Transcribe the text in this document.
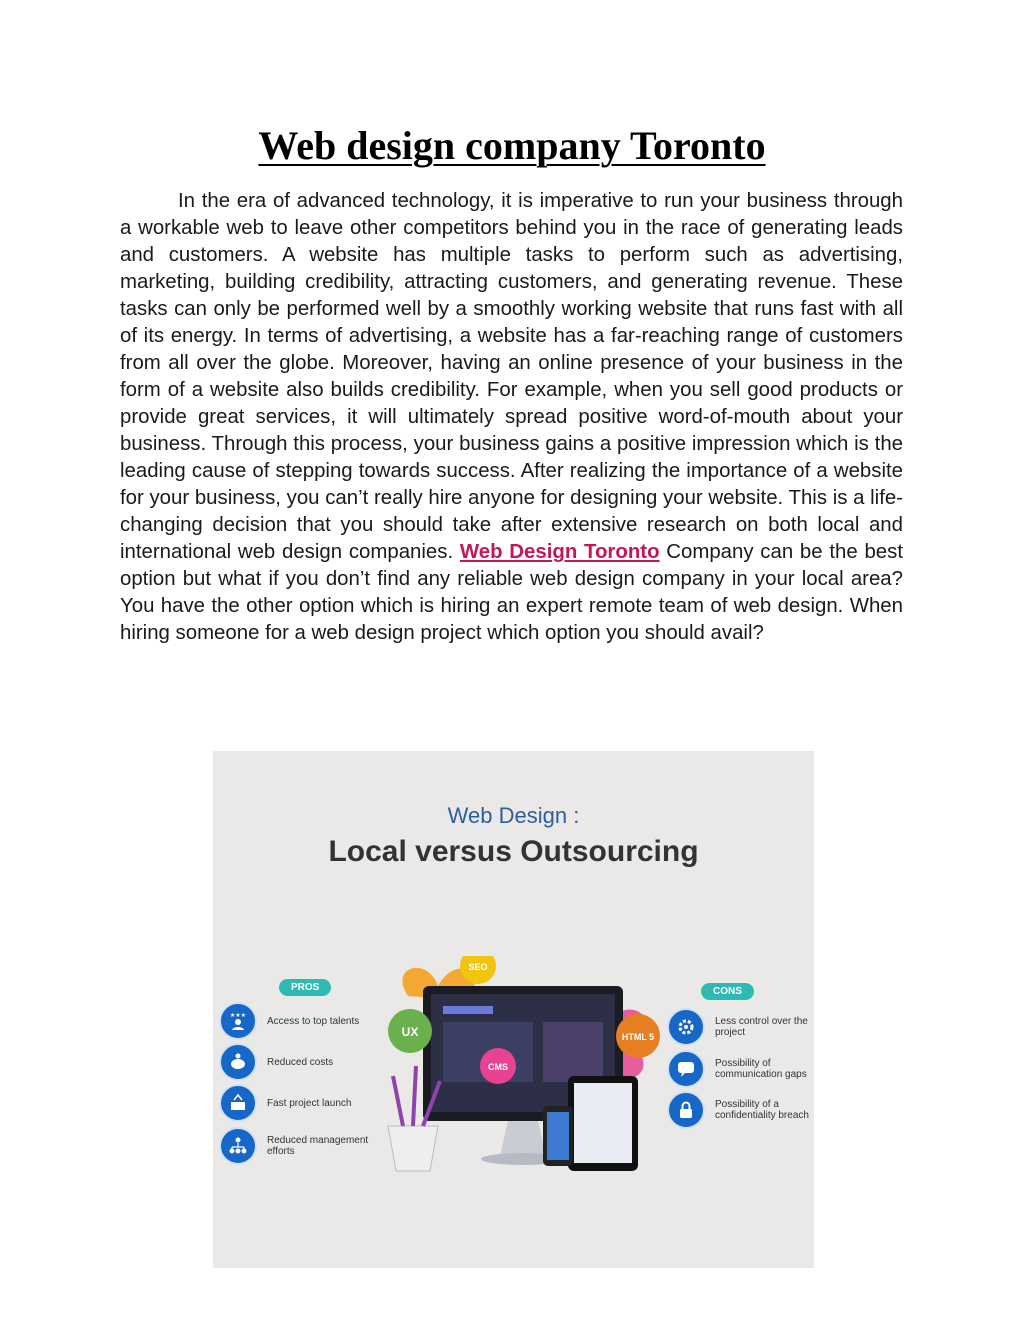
Web design company Toronto

In the era of advanced technology, it is imperative to run your business through a workable web to leave other competitors behind you in the race of generating leads and customers. A website has multiple tasks to perform such as advertising, marketing, building credibility, attracting customers, and generating revenue. These tasks can only be performed well by a smoothly working website that runs fast with all of its energy. In terms of advertising, a website has a far-reaching range of customers from all over the globe. Moreover, having an online presence of your business in the form of a website also builds credibility. For example, when you sell good products or provide great services, it will ultimately spread positive word-of-mouth about your business. Through this process, your business gains a positive impression which is the leading cause of stepping towards success. After realizing the importance of a website for your business, you can’t really hire anyone for designing your website. This is a life-changing decision that you should take after extensive research on both local and international web design companies. Web Design Toronto Company can be the best option but what if you don’t find any reliable web design company in your local area? You have the other option which is hiring an expert remote team of web design. When hiring someone for a web design project which option you should avail?

Web Design :
Local versus Outsourcing
PROS	CONS
★★★ Access to top talents
Reduced costs
Fast project launch
Reduced management efforts
Less control over the project
Possibility of communication gaps
Possibility of a confidentiality breach
SEO
UX
CMS
HTML 5
